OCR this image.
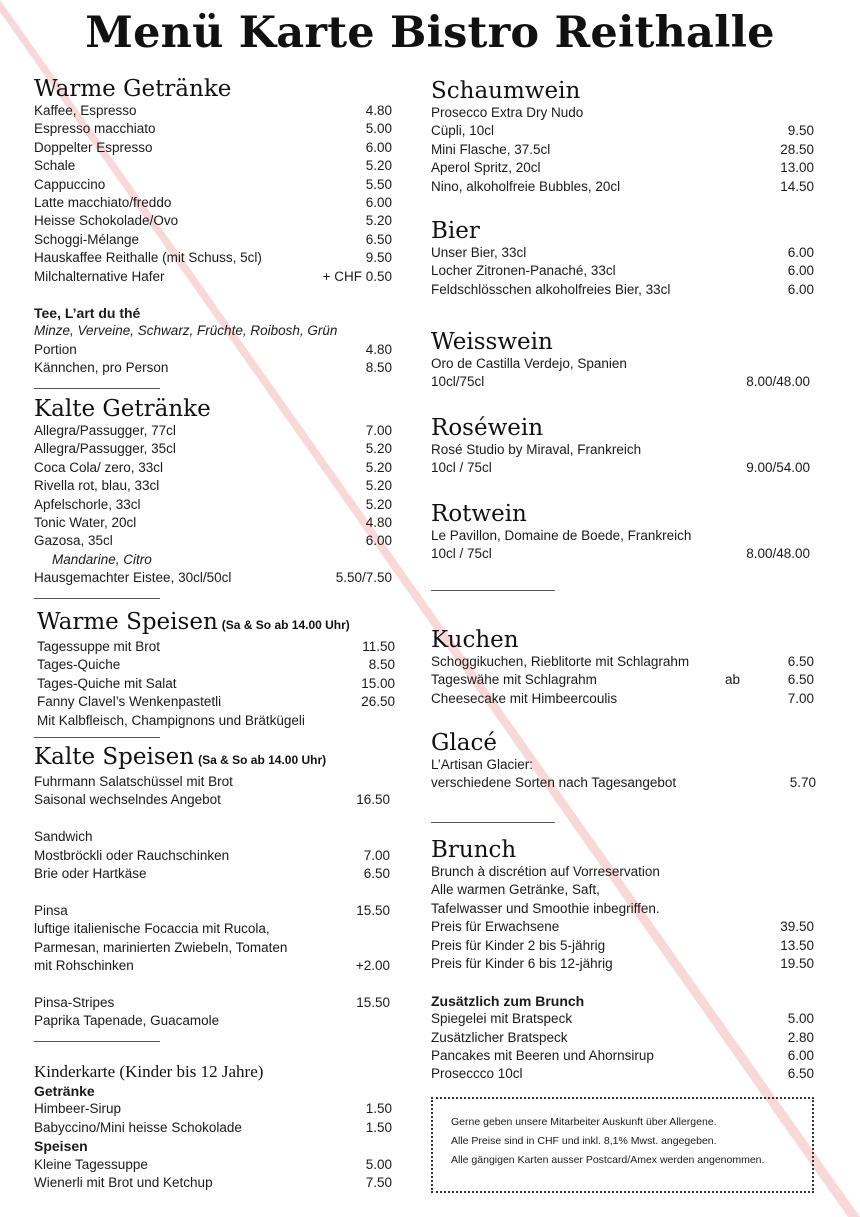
Menü Karte Bistro Reithalle
Warme Getränke
Kaffee, Espresso	4.80
Espresso macchiato	5.00
Doppelter Espresso	6.00
Schale	5.20
Cappuccino	5.50
Latte macchiato/freddo	6.00
Heisse Schokolade/Ovo	5.20
Schoggi-Mélange	6.50
Hauskaffee Reithalle (mit Schuss, 5cl)	9.50
Milchalternative Hafer	+ CHF 0.50
Tee, L’art du thé
Minze, Verveine, Schwarz, Früchte, Roibosh, Grün
Portion	4.80
Kännchen, pro Person	8.50
Kalte Getränke
Allegra/Passugger, 77cl	7.00
Allegra/Passugger, 35cl	5.20
Coca Cola/ zero, 33cl	5.20
Rivella rot, blau, 33cl	5.20
Apfelschorle, 33cl	5.20
Tonic Water, 20cl	4.80
Gazosa, 35cl	6.00
Mandarine, Citro
Hausgemachter Eistee, 30cl/50cl	5.50/7.50
Warme Speisen (Sa & So ab 14.00 Uhr)
Tagessuppe mit Brot	11.50
Tages-Quiche	8.50
Tages-Quiche mit Salat	15.00
Fanny Clavel’s Wenkenpastetli	26.50
Mit Kalbfleisch, Champignons und Brätkügeli
Kalte Speisen (Sa & So ab 14.00 Uhr)
Fuhrmann Salatschüssel mit Brot
Saisonal wechselndes Angebot	16.50
Sandwich
Mostbröckli oder Rauchschinken	7.00
Brie oder Hartkäse	6.50
Pinsa	15.50
luftige italienische Focaccia mit Rucola,
Parmesan, marinierten Zwiebeln, Tomaten
mit Rohschinken	+2.00
Pinsa-Stripes	15.50
Paprika Tapenade, Guacamole
Kinderkarte (Kinder bis 12 Jahre)
Getränke
Himbeer-Sirup	1.50
Babyccino/Mini heisse Schokolade	1.50
Speisen
Kleine Tagessuppe	5.00
Wienerli mit Brot und Ketchup	7.50
Schaumwein
Prosecco Extra Dry Nudo
Cüpli, 10cl	9.50
Mini Flasche, 37.5cl	28.50
Aperol Spritz, 20cl	13.00
Nino, alkoholfreie Bubbles, 20cl	14.50
Bier
Unser Bier, 33cl	6.00
Locher Zitronen-Panaché, 33cl	6.00
Feldschlösschen alkoholfreies Bier, 33cl	6.00
Weisswein
Oro de Castilla Verdejo, Spanien
10cl/75cl	8.00/48.00
Roséwein
Rosé Studio by Miraval, Frankreich
10cl / 75cl	9.00/54.00
Rotwein
Le Pavillon, Domaine de Boede, Frankreich
10cl / 75cl	8.00/48.00
Kuchen
Schoggikuchen, Rieblitorte mit Schlagrahm	6.50
Tageswähe mit Schlagrahm	ab	6.50
Cheesecake mit Himbeercoulis	7.00
Glacé
L’Artisan Glacier:
verschiedene Sorten nach Tagesangebot	5.70
Brunch
Brunch à discrétion auf Vorreservation
Alle warmen Getränke, Saft,
Tafelwasser und Smoothie inbegriffen.
Preis für Erwachsene	39.50
Preis für Kinder 2 bis 5-jährig	13.50
Preis für Kinder 6 bis 12-jährig	19.50
Zusätzlich zum Brunch
Spiegelei mit Bratspeck	5.00
Zusätzlicher Bratspeck	2.80
Pancakes mit Beeren und Ahornsirup	6.00
Proseccco 10cl	6.50
Gerne geben unsere Mitarbeiter Auskunft über Allergene.
Alle Preise sind in CHF und inkl. 8,1% Mwst. angegeben.
Alle gängigen Karten ausser Postcard/Amex werden angenommen.
